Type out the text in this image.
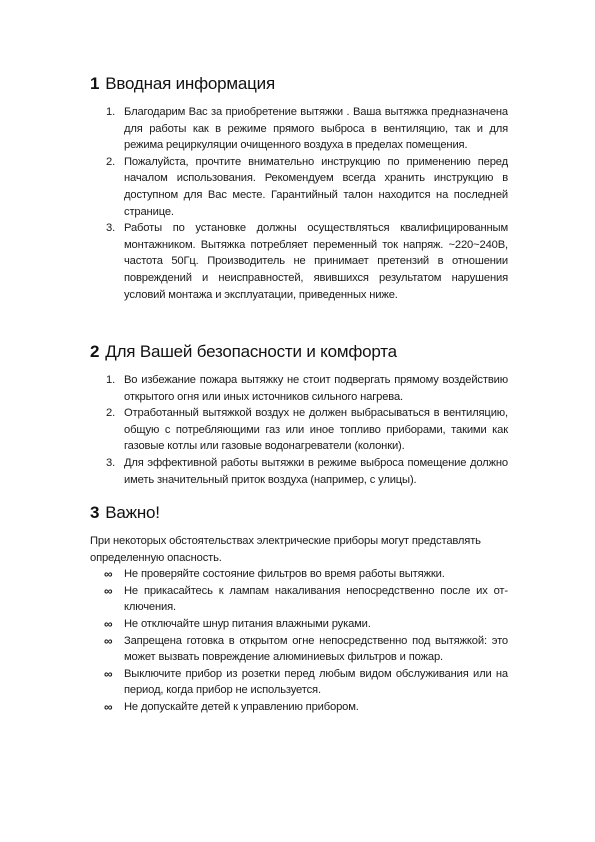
1 Вводная информация
1. Благодарим Вас за приобретение вытяжки . Ваша вытяжка предназначена для работы как в режиме прямого выброса в вентиляцию, так и для режима рециркуляции очищенного воздуха в пределах помещения.
2. Пожалуйста, прочтите внимательно инструкцию по применению перед началом использования. Рекомендуем всегда хранить инструкцию в доступном для Вас месте. Гарантийный талон находится на последней странице.
3. Работы по установке должны осуществляться квалифицированным монтажником. Вытяжка потребляет переменный ток напряж. ~220~240В, частота 50Гц. Производитель не принимает претензий в отношении повреждений и неисправностей, явившихся результатом нарушения условий монтажа и эксплуатации, приведенных ниже.
2 Для Вашей безопасности и комфорта
1. Во избежание пожара вытяжку не стоит подвергать прямому воздействию открытого огня или иных источников сильного нагрева.
2. Отработанный вытяжкой воздух не должен выбрасываться в вентиляцию, общую с потребляющими газ или иное топливо приборами, такими как газовые котлы или газовые водонагреватели (колонки).
3. Для эффективной работы вытяжки в режиме выброса помещение должно иметь значительный приток воздуха (например, с улицы).
3 Важно!

При некоторых обстоятельствах электрические приборы могут представлять определенную опасность.

∞ Не проверяйте состояние фильтров во время работы вытяжки.
∞ Не прикасайтесь к лампам накаливания непосредственно после их от-ключения.
∞ Не отключайте шнур питания влажными руками.
∞ Запрещена готовка в открытом огне непосредственно под вытяжкой: это может вызвать повреждение алюминиевых фильтров и пожар.
∞ Выключите прибор из розетки перед любым видом обслуживания или на период, когда прибор не используется.
∞ Не допускайте детей к управлению прибором.
